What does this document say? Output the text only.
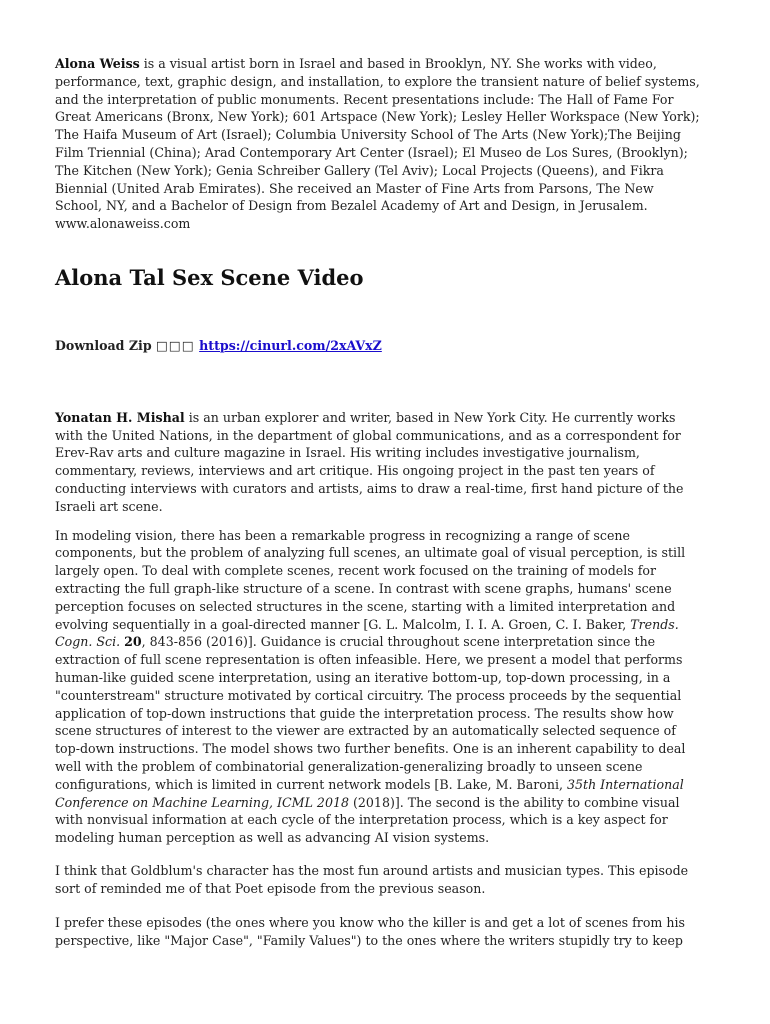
Alona Weiss is a visual artist born in Israel and based in Brooklyn, NY. She works with video, performance, text, graphic design, and installation, to explore the transient nature of belief systems, and the interpretation of public monuments. Recent presentations include: The Hall of Fame For Great Americans (Bronx, New York); 601 Artspace (New York); Lesley Heller Workspace (New York); The Haifa Museum of Art (Israel); Columbia University School of The Arts (New York);The Beijing Film Triennial (China); Arad Contemporary Art Center (Israel); El Museo de Los Sures, (Brooklyn); The Kitchen (New York); Genia Schreiber Gallery (Tel Aviv); Local Projects (Queens), and Fikra Biennial (United Arab Emirates). She received an Master of Fine Arts from Parsons, The New School, NY, and a Bachelor of Design from Bezalel Academy of Art and Design, in Jerusalem. www.alonaweiss.com

Alona Tal Sex Scene Video

Download Zip □□□ https://cinurl.com/2xAVxZ

Yonatan H. Mishal is an urban explorer and writer, based in New York City. He currently works with the United Nations, in the department of global communications, and as a correspondent for Erev-Rav arts and culture magazine in Israel. His writing includes investigative journalism, commentary, reviews, interviews and art critique. His ongoing project in the past ten years of conducting interviews with curators and artists, aims to draw a real-time, first hand picture of the Israeli art scene.

In modeling vision, there has been a remarkable progress in recognizing a range of scene components, but the problem of analyzing full scenes, an ultimate goal of visual perception, is still largely open. To deal with complete scenes, recent work focused on the training of models for extracting the full graph-like structure of a scene. In contrast with scene graphs, humans' scene perception focuses on selected structures in the scene, starting with a limited interpretation and evolving sequentially in a goal-directed manner [G. L. Malcolm, I. I. A. Groen, C. I. Baker, Trends. Cogn. Sci. 20, 843-856 (2016)]. Guidance is crucial throughout scene interpretation since the extraction of full scene representation is often infeasible. Here, we present a model that performs human-like guided scene interpretation, using an iterative bottom-up, top-down processing, in a "counterstream" structure motivated by cortical circuitry. The process proceeds by the sequential application of top-down instructions that guide the interpretation process. The results show how scene structures of interest to the viewer are extracted by an automatically selected sequence of top-down instructions. The model shows two further benefits. One is an inherent capability to deal well with the problem of combinatorial generalization-generalizing broadly to unseen scene configurations, which is limited in current network models [B. Lake, M. Baroni, 35th International Conference on Machine Learning, ICML 2018 (2018)]. The second is the ability to combine visual with nonvisual information at each cycle of the interpretation process, which is a key aspect for modeling human perception as well as advancing AI vision systems.

I think that Goldblum's character has the most fun around artists and musician types. This episode sort of reminded me of that Poet episode from the previous season.

I prefer these episodes (the ones where you know who the killer is and get a lot of scenes from his perspective, like "Major Case", "Family Values") to the ones where the writers stupidly try to keep
